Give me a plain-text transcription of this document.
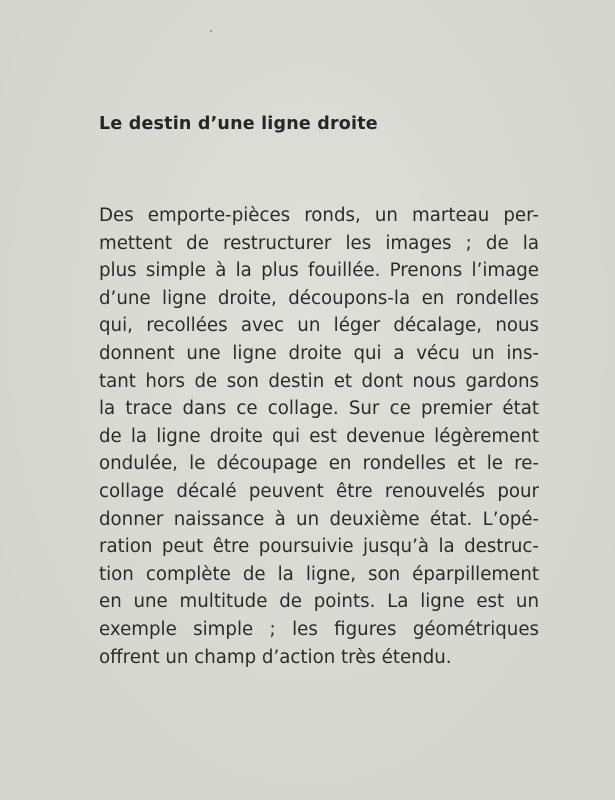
Le destin d’une ligne droite
Des emporte-pièces ronds, un marteau per-
mettent de restructurer les images ; de la
plus simple à la plus fouillée. Prenons l’image
d’une ligne droite, découpons-la en rondelles
qui, recollées avec un léger décalage, nous
donnent une ligne droite qui a vécu un ins-
tant hors de son destin et dont nous gardons
la trace dans ce collage. Sur ce premier état
de la ligne droite qui est devenue légèrement
ondulée, le découpage en rondelles et le re-
collage décalé peuvent être renouvelés pour
donner naissance à un deuxième état. L’opé-
ration peut être poursuivie jusqu’à la destruc-
tion complète de la ligne, son éparpillement
en une multitude de points. La ligne est un
exemple simple ; les figures géométriques
offrent un champ d’action très étendu.
